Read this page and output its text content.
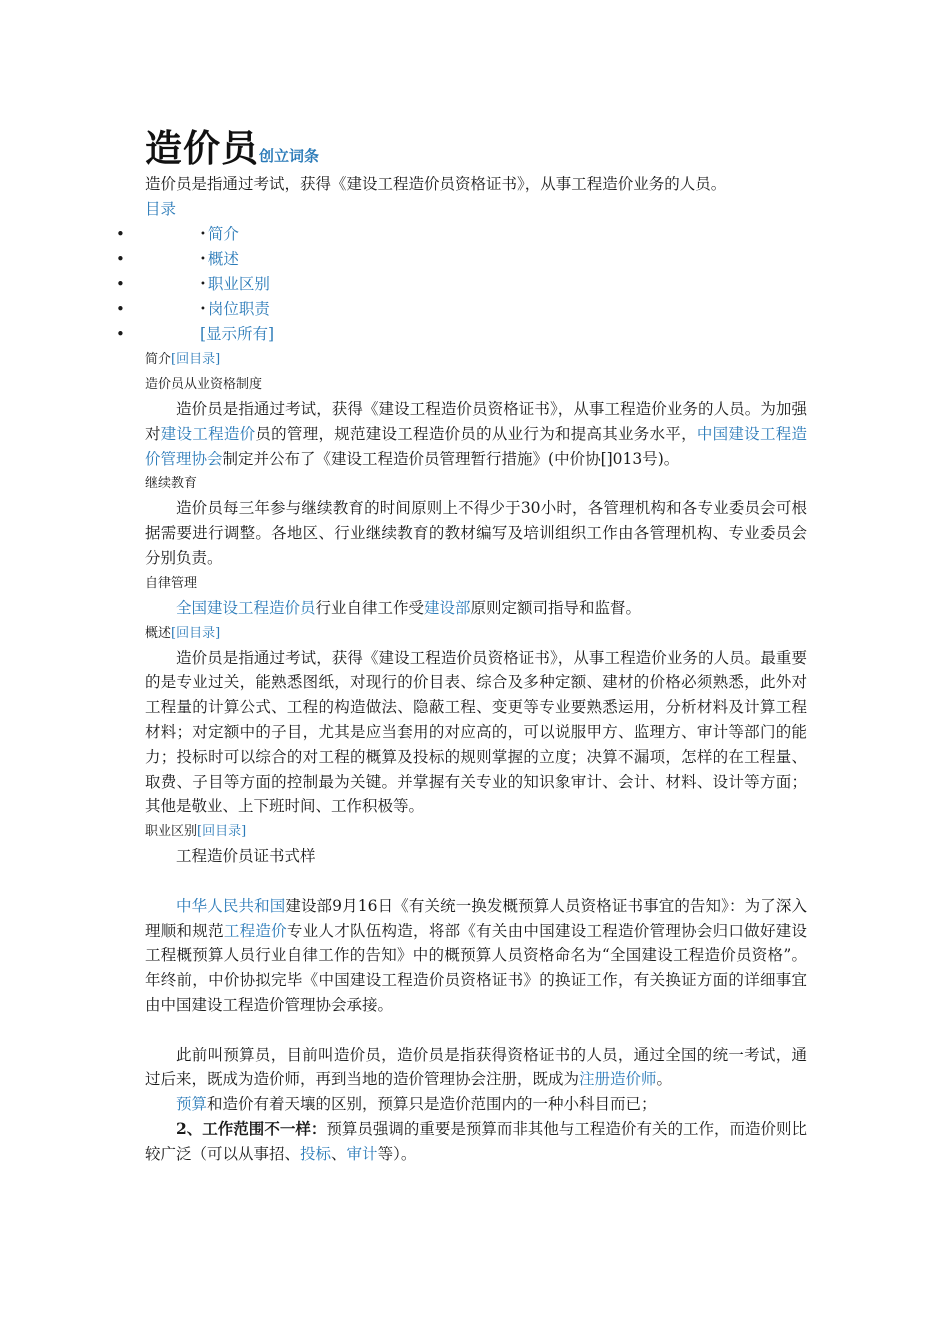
造价员创立词条
造价员是指通过考试，获得《建设工程造价员资格证书》，从事工程造价业务的人员。
目录
•	• 简介
•	• 概述
•	• 职业区别
•	• 岗位职责
•	[显示所有]
简介[回目录]
造价员从业资格制度

造价员是指通过考试，获得《建设工程造价员资格证书》，从事工程造价业务的人员。为加强对建设工程造价员的管理，规范建设工程造价员的从业行为和提高其业务水平，中国建设工程造价管理协会制定并公布了《建设工程造价员管理暂行措施》(中价协[]013号)。

继续教育

造价员每三年参与继续教育的时间原则上不得少于30小时，各管理机构和各专业委员会可根据需要进行调整。各地区、行业继续教育的教材编写及培训组织工作由各管理机构、专业委员会分别负责。

自律管理

全国建设工程造价员行业自律工作受建设部原则定额司指导和监督。

概述[回目录]

造价员是指通过考试，获得《建设工程造价员资格证书》，从事工程造价业务的人员。最重要的是专业过关，能熟悉图纸，对现行的价目表、综合及多种定额、建材的价格必须熟悉，此外对工程量的计算公式、工程的构造做法、隐蔽工程、变更等专业要熟悉运用，分析材料及计算工程材料；对定额中的子目，尤其是应当套用的对应高的，可以说服甲方、监理方、审计等部门的能力；投标时可以综合的对工程的概算及投标的规则掌握的立度；决算不漏项，怎样的在工程量、取费、子目等方面的控制最为关键。并掌握有关专业的知识象审计、会计、材料、设计等方面；其他是敬业、上下班时间、工作积极等。

职业区别[回目录]

工程造价员证书式样

中华人民共和国建设部9月16日《有关统一换发概预算人员资格证书事宜的告知》：为了深入理顺和规范工程造价专业人才队伍构造，将部《有关由中国建设工程造价管理协会归口做好建设工程概预算人员行业自律工作的告知》中的概预算人员资格命名为“全国建设工程造价员资格”。年终前，中价协拟完毕《中国建设工程造价员资格证书》的换证工作，有关换证方面的详细事宜由中国建设工程造价管理协会承接。

此前叫预算员，目前叫造价员，造价员是指获得资格证书的人员，通过全国的统一考试，通过后来，既成为造价师，再到当地的造价管理协会注册，既成为注册造价师。

预算和造价有着天壤的区别，预算只是造价范围内的一种小科目而已；

2、工作范围不一样：预算员强调的重要是预算而非其他与工程造价有关的工作，而造价则比较广泛（可以从事招、投标、审计等）。
